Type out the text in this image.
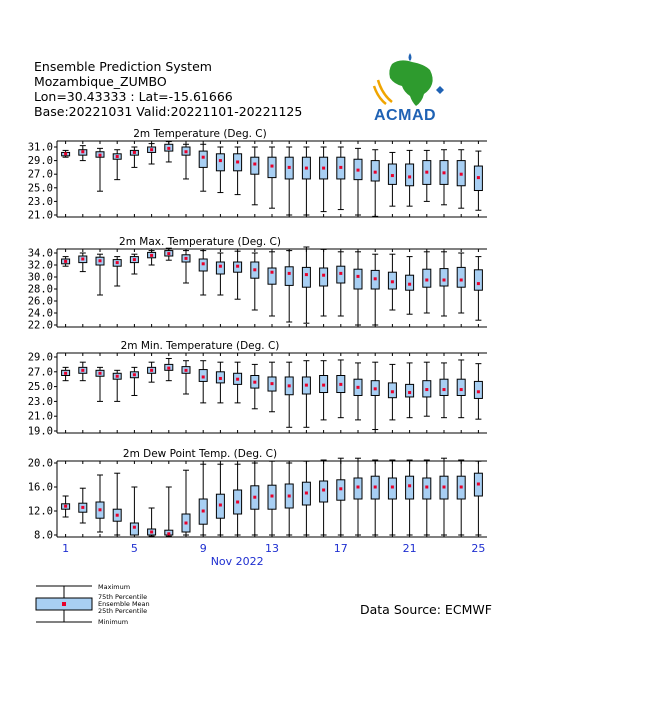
Ensemble Prediction System
Mozambique_ZUMBO
Lon=30.43333 : Lat=-15.61666
Base:20221031 Valid:20221101-20221125	ACMAD
31.0
29.0
27.0
25.0
23.0
21.0
2m Temperature (Deg. C)
34.0
32.0
30.0
28.0
26.0
24.0
22.0
2m Max. Temperature (Deg. C)
29.0
27.0
25.0
23.0
21.0
19.0
2m Min. Temperature (Deg. C)
20.0
16.0
12.0
8.0
2m Dew Point Temp. (Deg. C)
1	5	9	13	17	21	25
Nov 2022
Maximum
75th Percentile
Ensemble Mean
25th Percentile
Minimum
Data Source: ECMWF
